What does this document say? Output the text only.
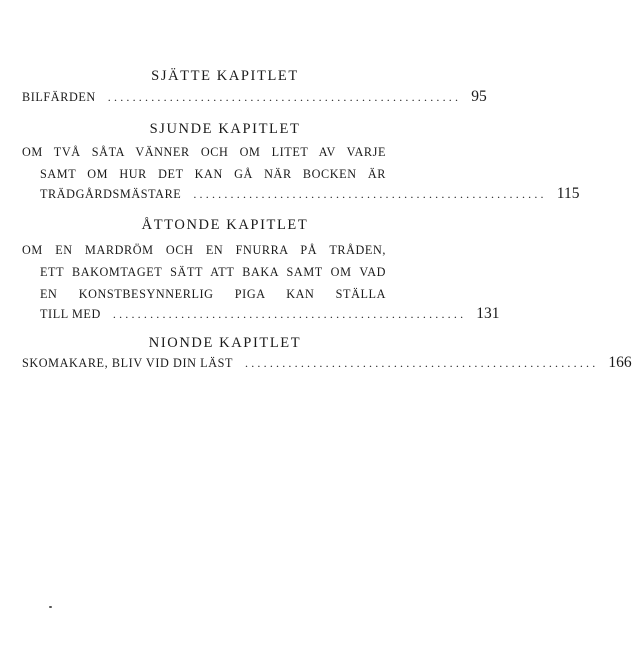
SJÄTTE KAPITLET
BILFÄRDEN ......................................................... 95
SJUNDE KAPITLET
OM TVÅ SÅTA VÄNNER OCH OM LITET AV VARJE
SAMT OM HUR DET KAN GÅ NÄR BOCKEN ÄR
TRÄDGÅRDSMÄSTARE ......................................................... 115
ÅTTONDE KAPITLET
OM EN MARDRÖM OCH EN FNURRA PÅ TRÅDEN,
ETT BAKOMTAGET SÄTT ATT BAKA SAMT OM VAD
EN KONSTBESYNNERLIG PIGA KAN STÄLLA
TILL MED ......................................................... 131
NIONDE KAPITLET
SKOMAKARE, BLIV VID DIN LÄST ......................................................... 166
